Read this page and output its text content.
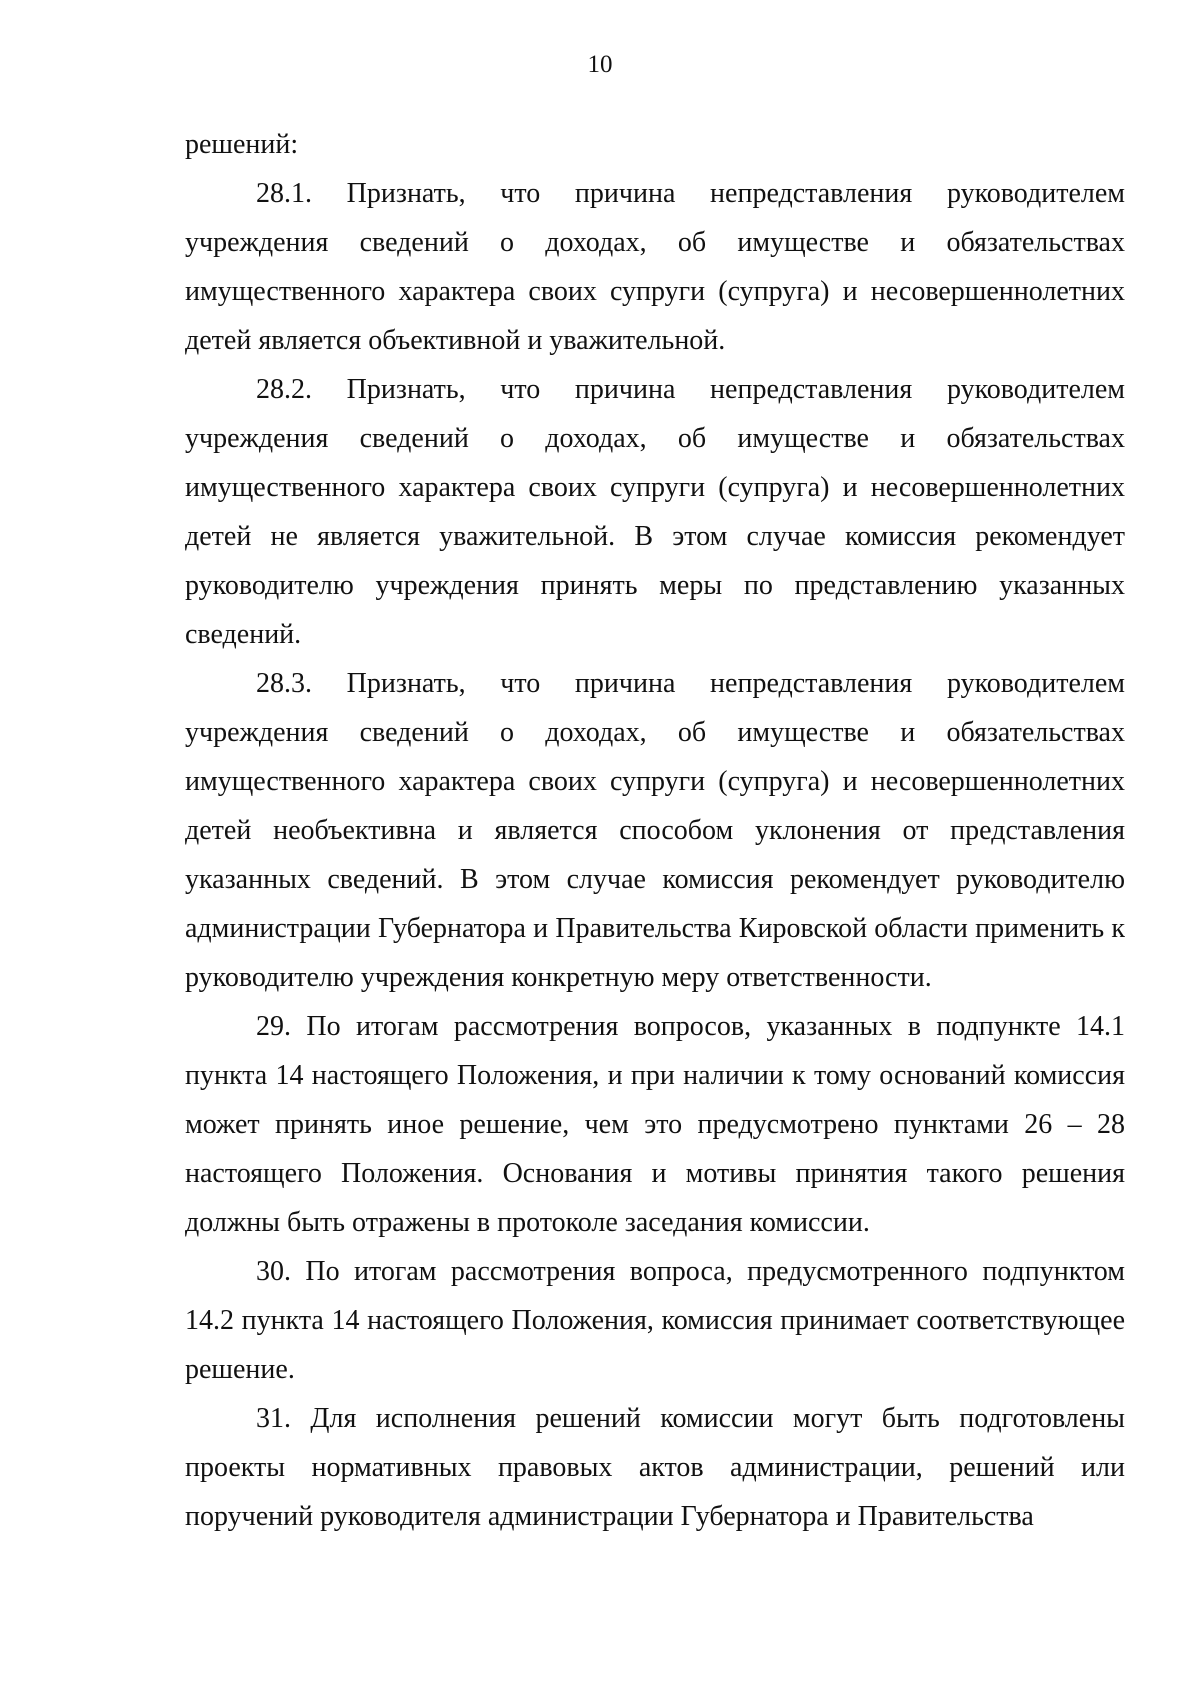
10

решений:

28.1. Признать, что причина непредставления руководителем учреждения сведений о доходах, об имуществе и обязательствах имущественного характера своих супруги (супруга) и несовершеннолетних детей является объективной и уважительной.

28.2. Признать, что причина непредставления руководителем учреждения сведений о доходах, об имуществе и обязательствах имущественного характера своих супруги (супруга) и несовершеннолетних детей не является уважительной. В этом случае комиссия рекомендует руководителю учреждения принять меры по представлению указанных сведений.

28.3. Признать, что причина непредставления руководителем учреждения сведений о доходах, об имуществе и обязательствах имущественного характера своих супруги (супруга) и несовершеннолетних детей необъективна и является способом уклонения от представления указанных сведений. В этом случае комиссия рекомендует руководителю администрации Губернатора и Правительства Кировской области применить к руководителю учреждения конкретную меру ответственности.

29. По итогам рассмотрения вопросов, указанных в подпункте 14.1 пункта 14 настоящего Положения, и при наличии к тому оснований комиссия может принять иное решение, чем это предусмотрено пунктами 26 – 28 настоящего Положения. Основания и мотивы принятия такого решения должны быть отражены в протоколе заседания комиссии.

30. По итогам рассмотрения вопроса, предусмотренного подпунктом 14.2 пункта 14 настоящего Положения, комиссия принимает соответствующее решение.

31. Для исполнения решений комиссии могут быть подготовлены проекты нормативных правовых актов администрации, решений или поручений руководителя администрации Губернатора и Правительства
